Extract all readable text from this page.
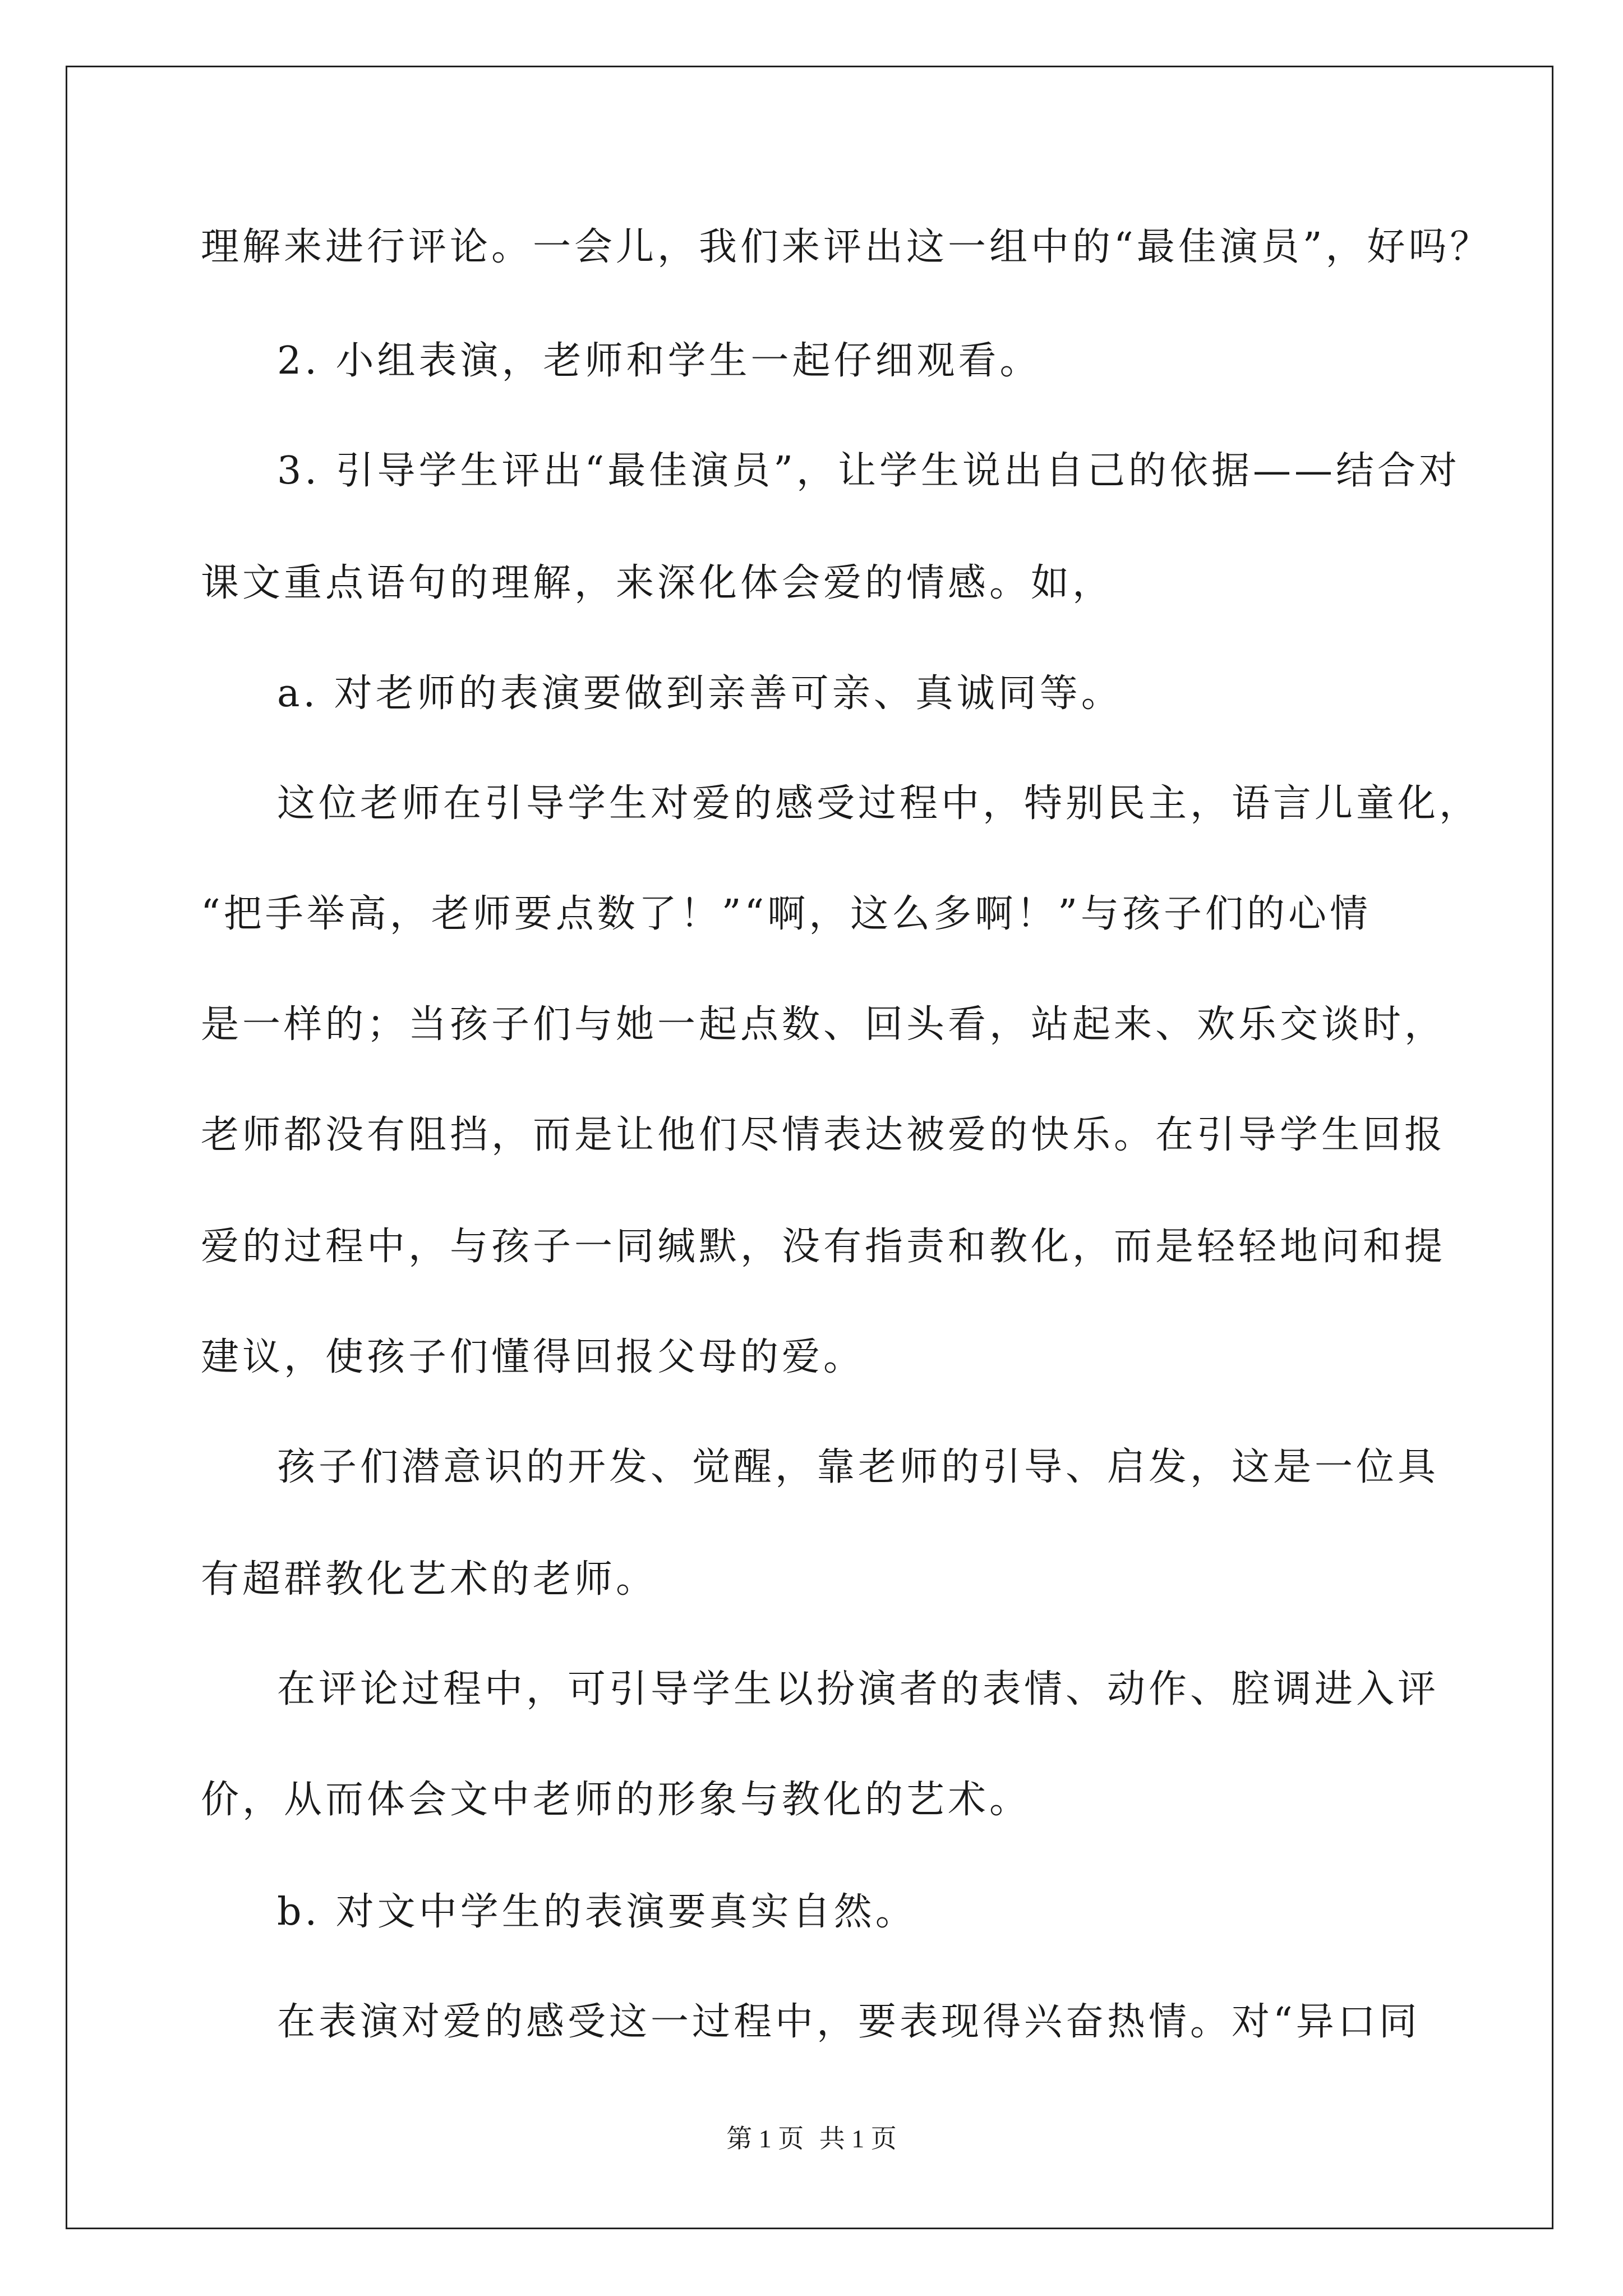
理解来进行评论。一会儿，我们来评出这一组中的“最佳演员”，好吗？
2. 小组表演，老师和学生一起仔细观看。
3. 引导学生评出“最佳演员”，让学生说出自己的依据——结合对
课文重点语句的理解，来深化体会爱的情感。如，
a. 对老师的表演要做到亲善可亲、真诚同等。
这位老师在引导学生对爱的感受过程中，特别民主，语言儿童化，
“把手举高，老师要点数了！”“啊，这么多啊！”与孩子们的心情
是一样的；当孩子们与她一起点数、回头看，站起来、欢乐交谈时，
老师都没有阻挡，而是让他们尽情表达被爱的快乐。在引导学生回报
爱的过程中，与孩子一同缄默，没有指责和教化，而是轻轻地问和提
建议，使孩子们懂得回报父母的爱。
孩子们潜意识的开发、觉醒，靠老师的引导、启发，这是一位具
有超群教化艺术的老师。
在评论过程中，可引导学生以扮演者的表情、动作、腔调进入评
价，从而体会文中老师的形象与教化的艺术。
b. 对文中学生的表演要真实自然。
在表演对爱的感受这一过程中，要表现得兴奋热情。对“异口同
第 1 页 共 1 页
